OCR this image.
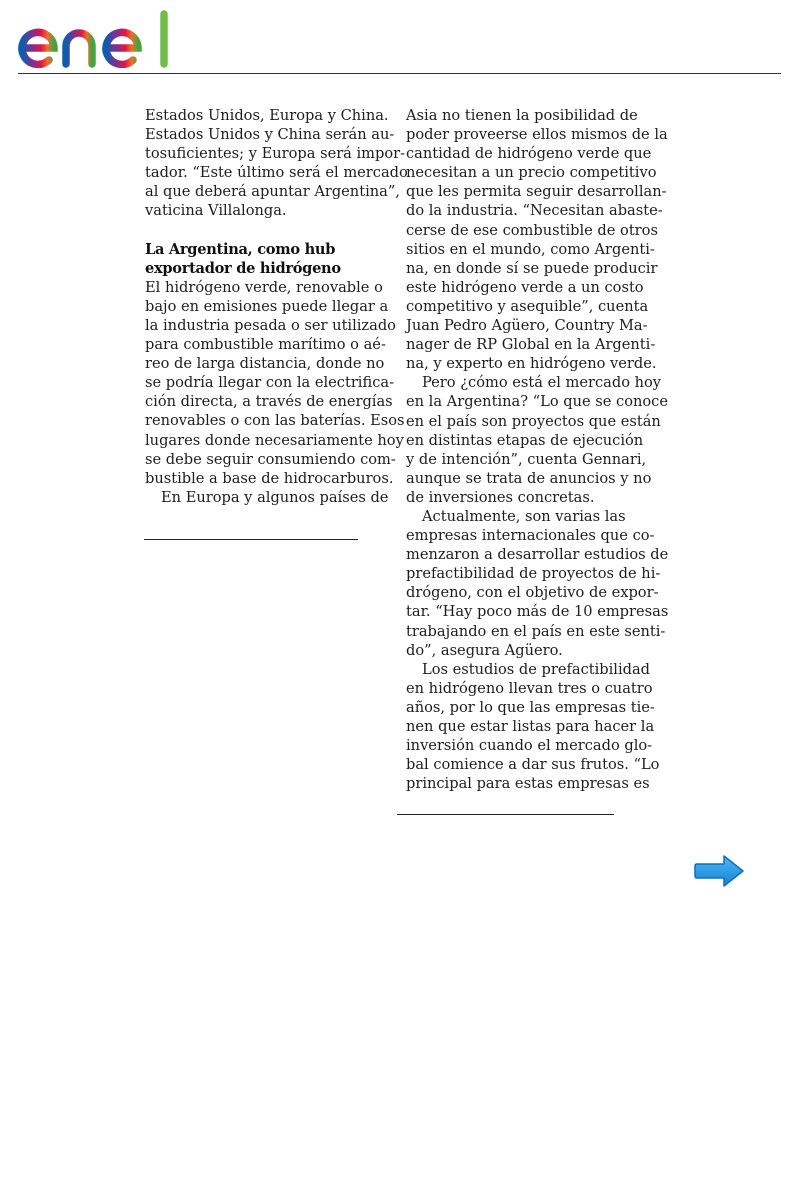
Estados Unidos, Europa y China.
Estados Unidos y China serán au-
tosuficientes; y Europa será impor-
tador. “Este último será el mercado
al que deberá apuntar Argentina”,
vaticina Villalonga.
La Argentina, como hub
exportador de hidrógeno
El hidrógeno verde, renovable o
bajo en emisiones puede llegar a
la industria pesada o ser utilizado
para combustible marítimo o aé-
reo de larga distancia, donde no
se podría llegar con la electrifica-
ción directa, a través de energías
renovables o con las baterías. Esos
lugares donde necesariamente hoy
se debe seguir consumiendo com-
bustible a base de hidrocarburos.
En Europa y algunos países de
Asia no tienen la posibilidad de
poder proveerse ellos mismos de la
cantidad de hidrógeno verde que
necesitan a un precio competitivo
que les permita seguir desarrollan-
do la industria. “Necesitan abaste-
cerse de ese combustible de otros
sitios en el mundo, como Argenti-
na, en donde sí se puede producir
este hidrógeno verde a un costo
competitivo y asequible”, cuenta
Juan Pedro Agüero, Country Ma-
nager de RP Global en la Argenti-
na, y experto en hidrógeno verde.
Pero ¿cómo está el mercado hoy
en la Argentina? “Lo que se conoce
en el país son proyectos que están
en distintas etapas de ejecución
y de intención”, cuenta Gennari,
aunque se trata de anuncios y no
de inversiones concretas.
Actualmente, son varias las
empresas internacionales que co-
menzaron a desarrollar estudios de
prefactibilidad de proyectos de hi-
drógeno, con el objetivo de expor-
tar. “Hay poco más de 10 empresas
trabajando en el país en este senti-
do”, asegura Agüero.
Los estudios de prefactibilidad
en hidrógeno llevan tres o cuatro
años, por lo que las empresas tie-
nen que estar listas para hacer la
inversión cuando el mercado glo-
bal comience a dar sus frutos. “Lo
principal para estas empresas es
